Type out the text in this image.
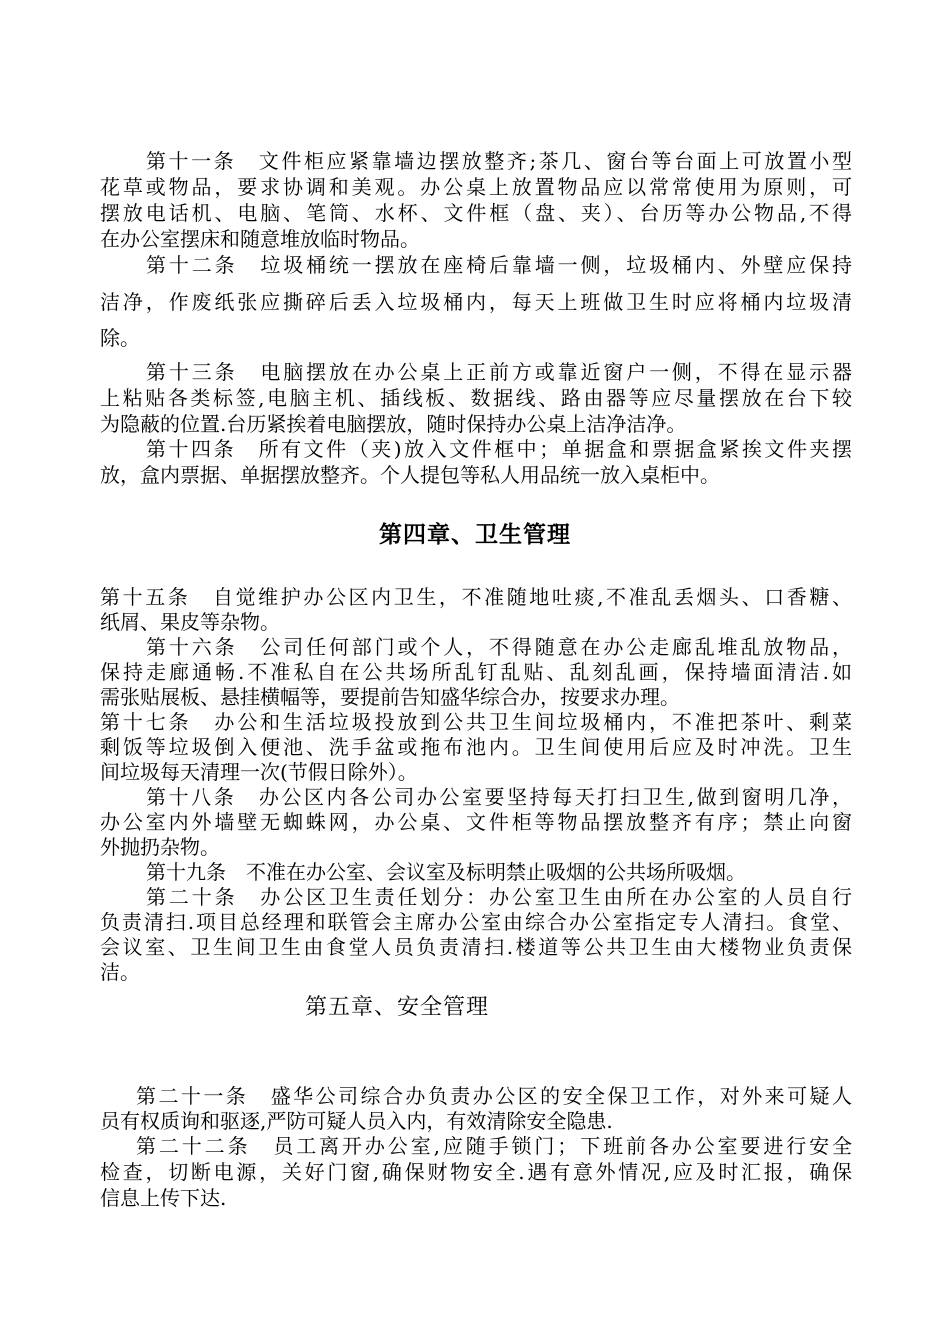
第十一条　文件柜应紧靠墙边摆放整齐;茶几、窗台等台面上可放置小型
花草或物品，要求协调和美观。办公桌上放置物品应以常常使用为原则，可
摆放电话机、电脑、笔筒、水杯、文件框（盘、夹）、台历等办公物品,不得
在办公室摆床和随意堆放临时物品。
第十二条　垃圾桶统一摆放在座椅后靠墙一侧，垃圾桶内、外壁应保持
洁净，作废纸张应撕碎后丢入垃圾桶内，每天上班做卫生时应将桶内垃圾清
除。
第十三条　电脑摆放在办公桌上正前方或靠近窗户一侧，不得在显示器
上粘贴各类标签,电脑主机、插线板、数据线、路由器等应尽量摆放在台下较
为隐蔽的位置.台历紧挨着电脑摆放，随时保持办公桌上洁净洁净。
第十四条　所有文件（夹)放入文件框中；单据盒和票据盒紧挨文件夹摆
放，盒内票据、单据摆放整齐。个人提包等私人用品统一放入桌柜中。
第四章、卫生管理
第十五条　自觉维护办公区内卫生，不准随地吐痰,不准乱丢烟头、口香糖、
纸屑、果皮等杂物。
第十六条　公司任何部门或个人，不得随意在办公走廊乱堆乱放物品，
保持走廊通畅.不准私自在公共场所乱钉乱贴、乱刻乱画，保持墙面清洁.如
需张贴展板、悬挂横幅等，要提前告知盛华综合办，按要求办理。
第十七条　办公和生活垃圾投放到公共卫生间垃圾桶内，不准把茶叶、剩菜
剩饭等垃圾倒入便池、洗手盆或拖布池内。卫生间使用后应及时冲洗。卫生
间垃圾每天清理一次(节假日除外）。
第十八条　办公区内各公司办公室要坚持每天打扫卫生,做到窗明几净，
办公室内外墙壁无蜘蛛网，办公桌、文件柜等物品摆放整齐有序；禁止向窗
外抛扔杂物。
第十九条　不准在办公室、会议室及标明禁止吸烟的公共场所吸烟。
第二十条　办公区卫生责任划分：办公室卫生由所在办公室的人员自行
负责清扫.项目总经理和联管会主席办公室由综合办公室指定专人清扫。食堂、
会议室、卫生间卫生由食堂人员负责清扫.楼道等公共卫生由大楼物业负责保
洁。
第五章、安全管理
第二十一条　盛华公司综合办负责办公区的安全保卫工作，对外来可疑人
员有权质询和驱逐,严防可疑人员入内，有效清除安全隐患.
第二十二条　员工离开办公室,应随手锁门；下班前各办公室要进行安全
检查，切断电源，关好门窗,确保财物安全.遇有意外情况,应及时汇报，确保
信息上传下达.
